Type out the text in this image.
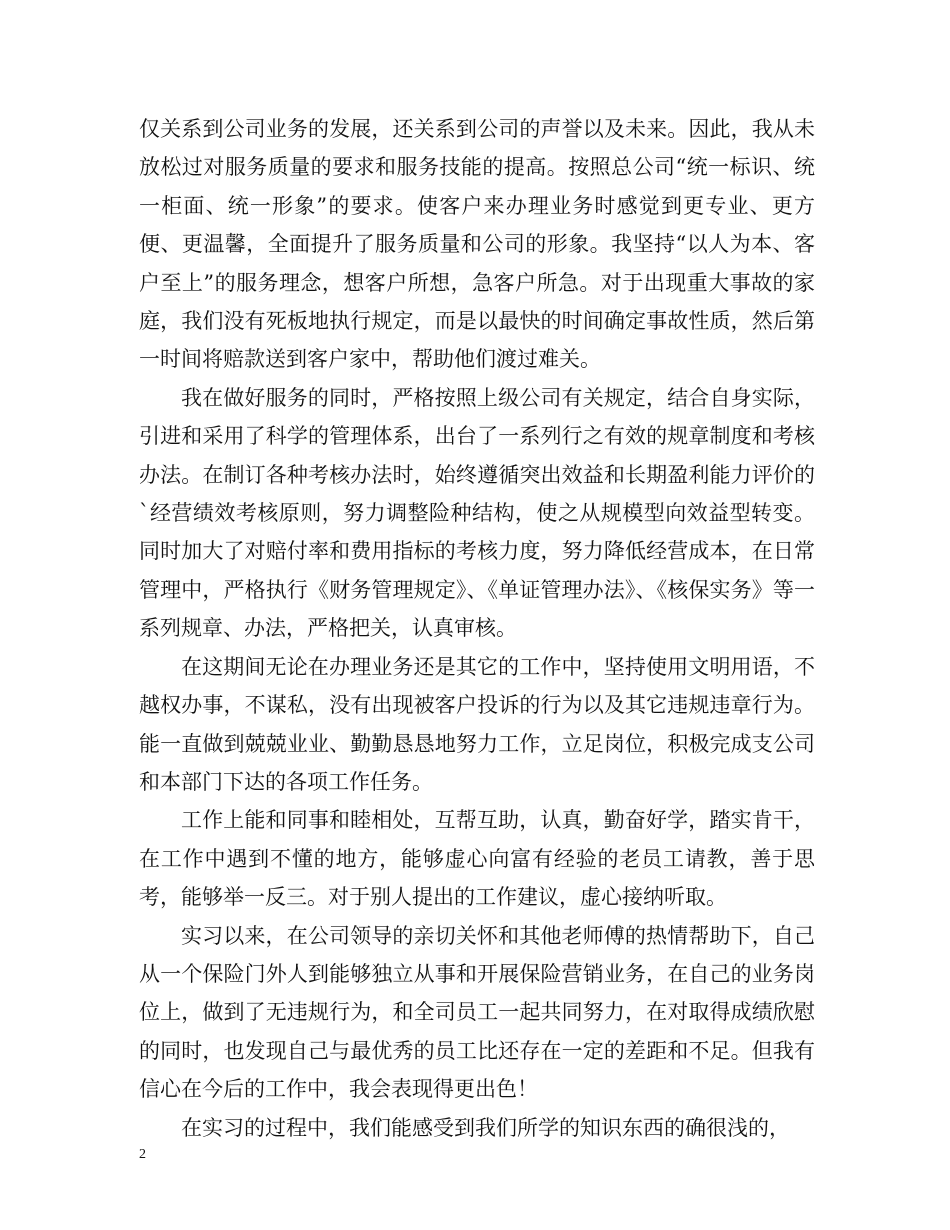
仅关系到公司业务的发展，还关系到公司的声誉以及未来。因此，我从未放松过对服务质量的要求和服务技能的提高。按照总公司“统一标识、统一柜面、统一形象”的要求。使客户来办理业务时感觉到更专业、更方便、更温馨，全面提升了服务质量和公司的形象。我坚持“以人为本、客户至上”的服务理念，想客户所想，急客户所急。对于出现重大事故的家庭，我们没有死板地执行规定，而是以最快的时间确定事故性质，然后第一时间将赔款送到客户家中，帮助他们渡过难关。

我在做好服务的同时，严格按照上级公司有关规定，结合自身实际，引进和采用了科学的管理体系，出台了一系列行之有效的规章制度和考核办法。在制订各种考核办法时，始终遵循突出效益和长期盈利能力评价的`经营绩效考核原则，努力调整险种结构，使之从规模型向效益型转变。同时加大了对赔付率和费用指标的考核力度，努力降低经营成本，在日常管理中，严格执行《财务管理规定》、《单证管理办法》、《核保实务》等一系列规章、办法，严格把关，认真审核。

在这期间无论在办理业务还是其它的工作中，坚持使用文明用语，不越权办事，不谋私，没有出现被客户投诉的行为以及其它违规违章行为。能一直做到兢兢业业、勤勤恳恳地努力工作，立足岗位，积极完成支公司和本部门下达的各项工作任务。

工作上能和同事和睦相处，互帮互助，认真，勤奋好学，踏实肯干，在工作中遇到不懂的地方，能够虚心向富有经验的老员工请教，善于思考，能够举一反三。对于别人提出的工作建议，虚心接纳听取。

实习以来，在公司领导的亲切关怀和其他老师傅的热情帮助下，自己从一个保险门外人到能够独立从事和开展保险营销业务，在自己的业务岗位上，做到了无违规行为，和全司员工一起共同努力，在对取得成绩欣慰的同时，也发现自己与最优秀的员工比还存在一定的差距和不足。但我有信心在今后的工作中，我会表现得更出色！

在实习的过程中，我们能感受到我们所学的知识东西的确很浅的，

2
